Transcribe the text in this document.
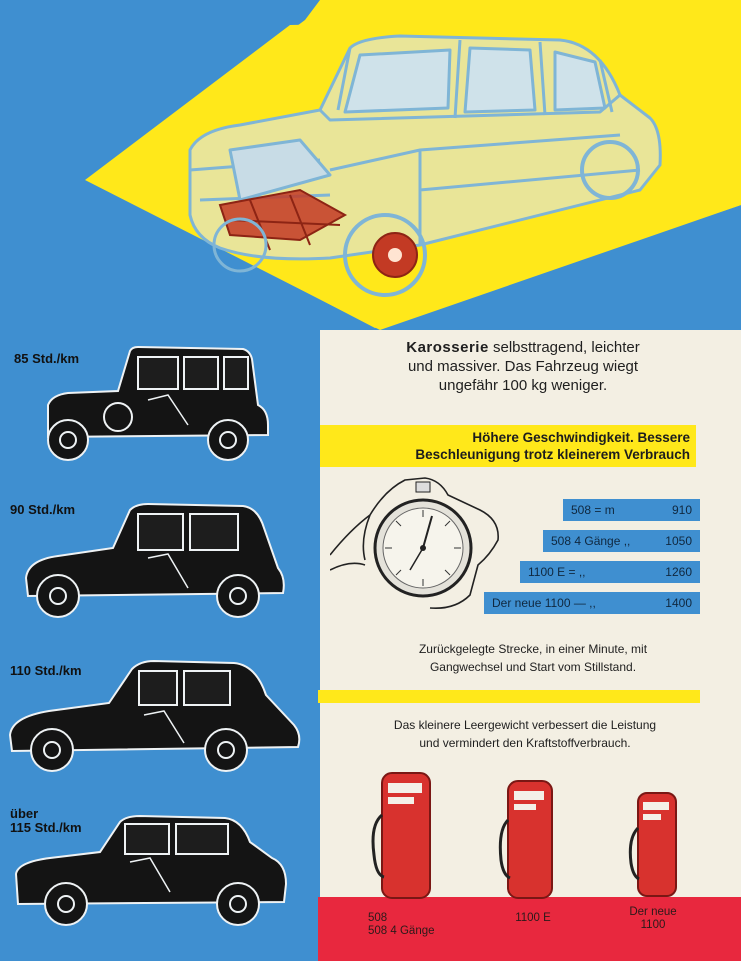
85 Std./km
90 Std./km
110 Std./km
über
115 Std./km
Karosserie selbsttragend, leichter
und massiver. Das Fahrzeug wiegt
ungefähr 100 kg weniger.
Höhere Geschwindigkeit. Bessere
Beschleunigung trotz kleinerem Verbrauch
508 = m	910
508 4 Gänge ,,	1050
1100 E = ,,	1260
Der neue 1100 — ,,	1400
Zurückgelegte Strecke, in einer Minute, mit
Gangwechsel und Start vom Stillstand.
Das kleinere Leergewicht verbessert die Leistung
und vermindert den Kraftstoffverbrauch.
508
508 4 Gänge
1100 E	Der neue
1100
